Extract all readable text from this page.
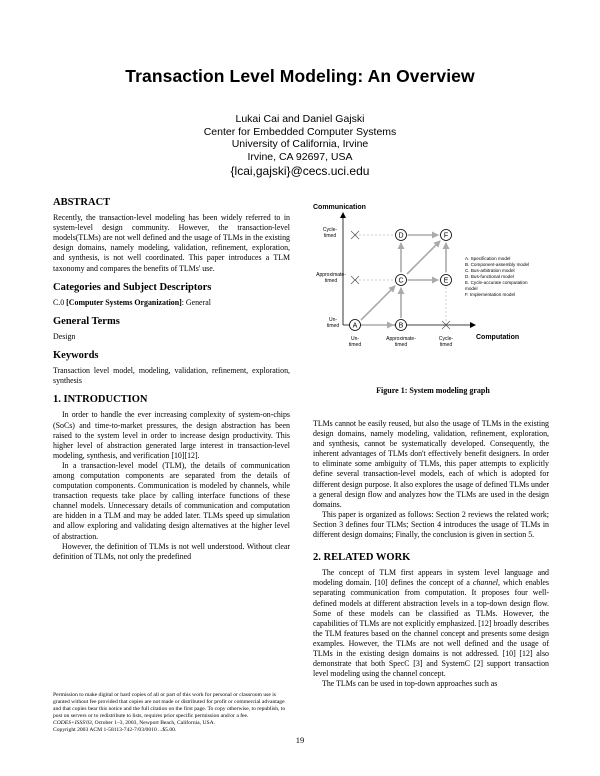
Transaction Level Modeling: An Overview
Lukai Cai and Daniel Gajski
Center for Embedded Computer Systems
University of California, Irvine
Irvine, CA 92697, USA
{lcai,gajski}@cecs.uci.edu
ABSTRACT

Recently, the transaction-level modeling has been widely referred to in system-level design community. However, the transaction-level models(TLMs) are not well defined and the usage of TLMs in the existing design domains, namely modeling, validation, refinement, exploration, and synthesis, is not well coordinated. This paper introduces a TLM taxonomy and compares the benefits of TLMs' use.

Categories and Subject Descriptors

C.0 [Computer Systems Organization]: General

General Terms

Design

Keywords

Transaction level model, modeling, validation, refinement, exploration, synthesis

1. INTRODUCTION

In order to handle the ever increasing complexity of system-on-chips (SoCs) and time-to-market pressures, the design abstraction has been raised to the system level in order to increase design productivity. This higher level of abstraction generated large interest in transaction-level modeling, synthesis, and verification [10][12].

In a transaction-level model (TLM), the details of communication among computation components are separated from the details of computation components. Communication is modeled by channels, while transaction requests take place by calling interface functions of these channel models. Unnecessary details of communication and computation are hidden in a TLM and may be added later. TLMs speed up simulation and allow exploring and validating design alternatives at the higher level of abstraction.

However, the definition of TLMs is not well understood. Without clear definition of TLMs, not only the predefined

Permission to make digital or hard copies of all or part of this work for personal or classroom use is granted without fee provided that copies are not made or distributed for profit or commercial advantage and that copies bear this notice and the full citation on the first page. To copy otherwise, to republish, to post on servers or to redistribute to lists, requires prior specific permission and/or a fee.
CODES+ISSS'03, October 1–3, 2003, Newport Beach, California, USA.
Copyright 2003 ACM 1-58113-742-7/03/0010 ...$5.00.
Communication
Computation
A	B
C
D
E
F
Cycle-
timed
Approximate-
timed
Un-
timed
Un-
timed
Approximate-
timed
Cycle-
timed
A. Specification model
B. Component-assembly model
C. Bus-arbitration model
D. Bus-functional model
E. Cycle-accurate computation
model
F. Implementation model
Figure 1: System modeling graph

TLMs cannot be easily reused, but also the usage of TLMs in the existing design domains, namely modeling, validation, refinement, exploration, and synthesis, cannot be systematically developed. Consequently, the inherent advantages of TLMs don't effectively benefit designers. In order to eliminate some ambiguity of TLMs, this paper attempts to explicitly define several transaction-level models, each of which is adopted for different design purpose. It also explores the usage of defined TLMs under a general design flow and analyzes how the TLMs are used in the design domains.

This paper is organized as follows: Section 2 reviews the related work; Section 3 defines four TLMs; Section 4 introduces the usage of TLMs in different design domains; Finally, the conclusion is given in section 5.

2. RELATED WORK

The concept of TLM first appears in system level language and modeling domain. [10] defines the concept of a channel, which enables separating communication from computation. It proposes four well-defined models at different abstraction levels in a top-down design flow. Some of these models can be classified as TLMs. However, the capabilities of TLMs are not explicitly emphasized. [12] broadly describes the TLM features based on the channel concept and presents some design examples. However, the TLMs are not well defined and the usage of TLMs in the existing design domains is not addressed. [10] [12] also demonstrate that both SpecC [3] and SystemC [2] support transaction level modeling using the channel concept.

The TLMs can be used in top-down approaches such as

19
